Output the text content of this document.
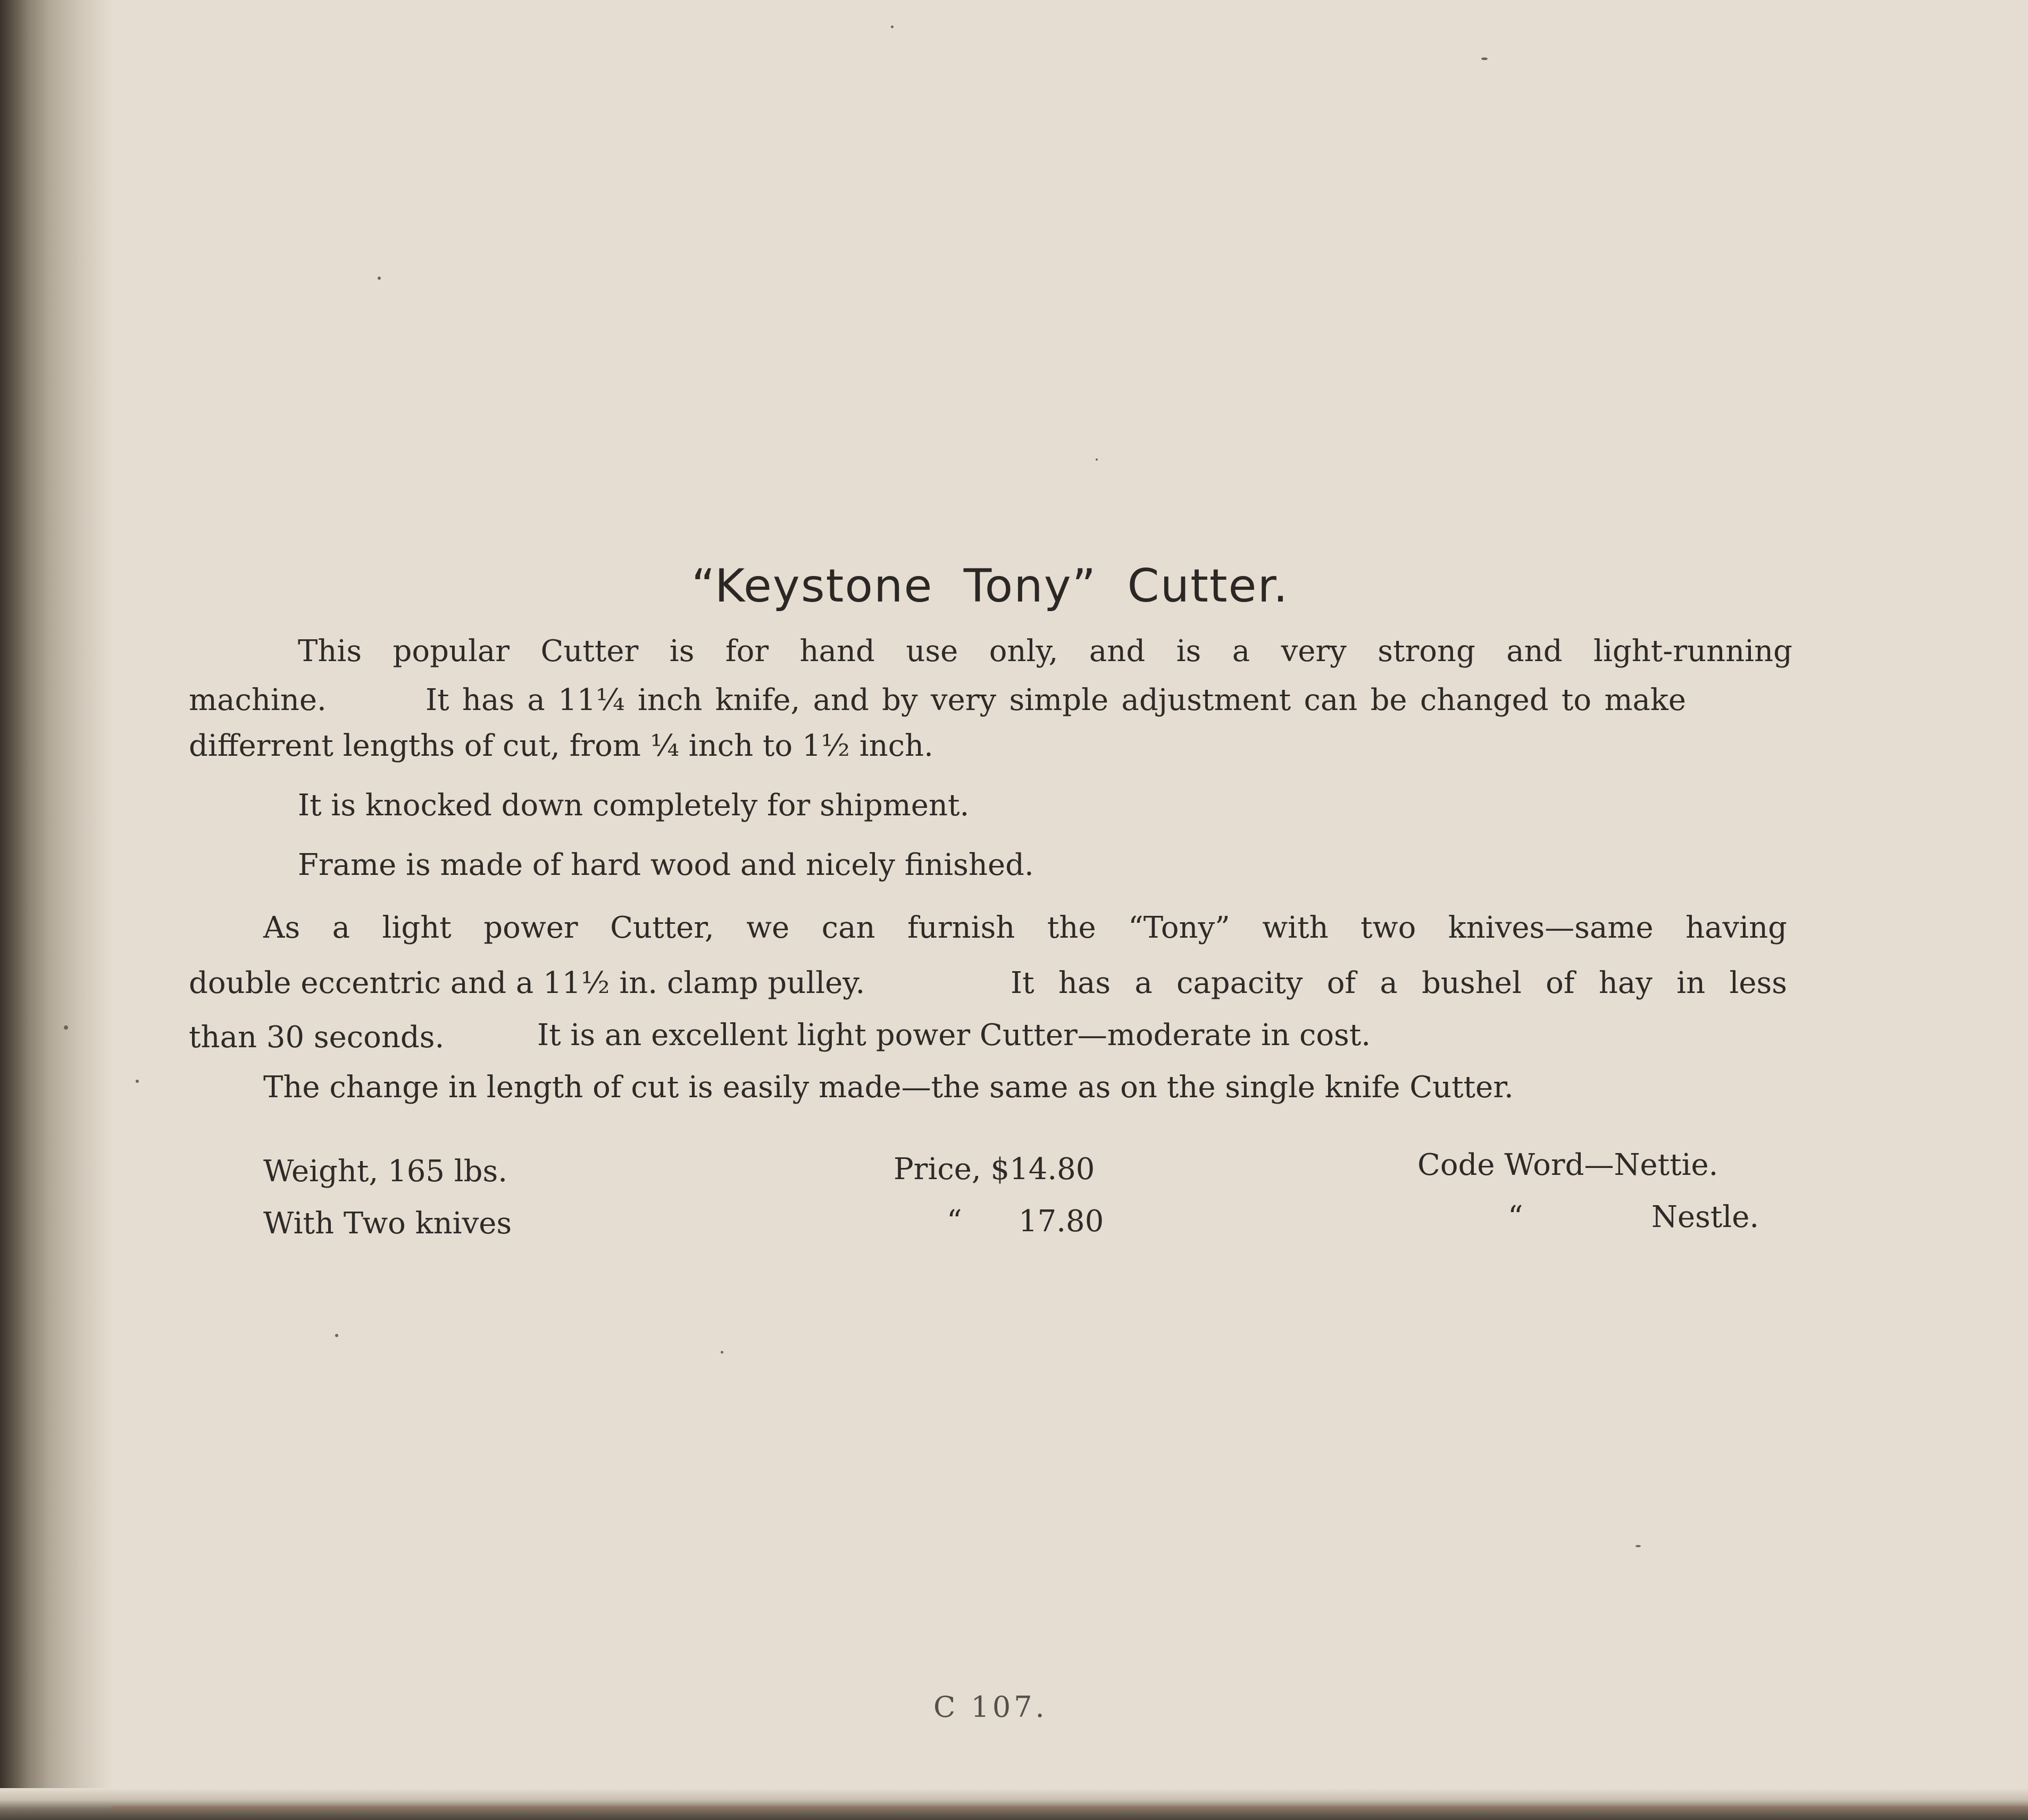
“Keystone Tony” Cutter.

This popular Cutter is for hand use only, and is a very strong and light-running

machine.	It has a 11¼ inch knife, and by very simple adjustment can be changed to make

differrent lengths of cut, from ¼ inch to 1½ inch.

It is knocked down completely for shipment.

Frame is made of hard wood and nicely finished.

As a light power Cutter, we can furnish the “Tony” with two knives—same having

double eccentric and a 11½ in. clamp pulley.	It has a capacity of a bushel of hay in less

than 30 seconds.	It is an excellent light power Cutter—moderate in cost.

The change in length of cut is easily made—the same as on the single knife Cutter.

Weight, 165 lbs.	Price, $14.80	Code Word—Nettie.

With Two knives	“ 17.80	“	Nestle.

C 107.
